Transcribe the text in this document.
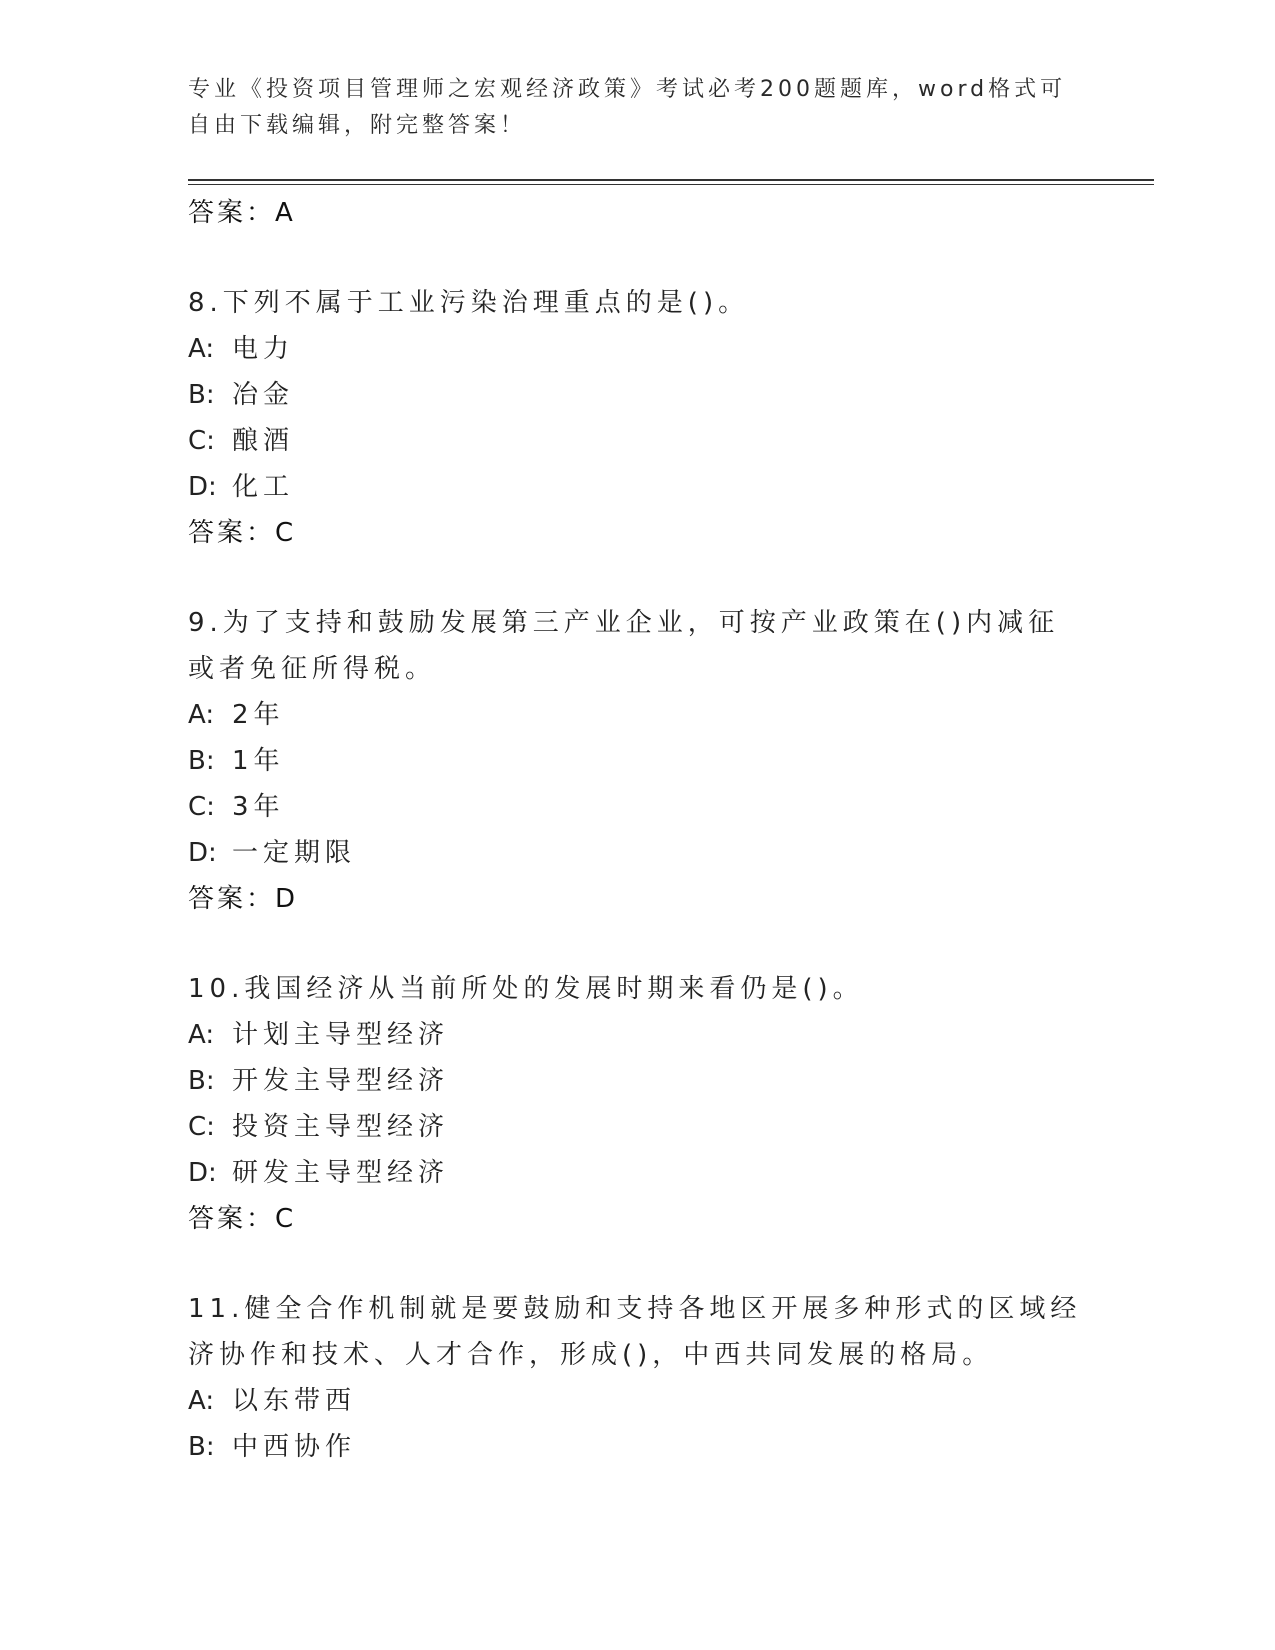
专业《投资项目管理师之宏观经济政策》考试必考200题题库，word格式可自由下载编辑，附完整答案！
答案：A
8.下列不属于工业污染治理重点的是()。
A: 电力
B: 冶金
C: 酿酒
D: 化工
答案：C
9.为了支持和鼓励发展第三产业企业，可按产业政策在()内减征或者免征所得税。
A: 2年
B: 1年
C: 3年
D: 一定期限
答案：D
10.我国经济从当前所处的发展时期来看仍是()。
A: 计划主导型经济
B: 开发主导型经济
C: 投资主导型经济
D: 研发主导型经济
答案：C
11.健全合作机制就是要鼓励和支持各地区开展多种形式的区域经济协作和技术、人才合作，形成()，中西共同发展的格局。
A: 以东带西
B: 中西协作
